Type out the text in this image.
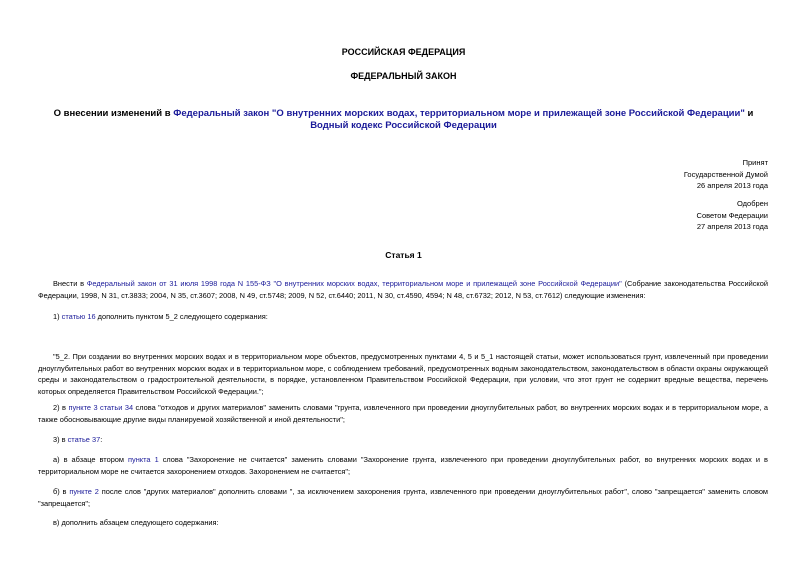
РОССИЙСКАЯ ФЕДЕРАЦИЯ
ФЕДЕРАЛЬНЫЙ ЗАКОН
О внесении изменений в Федеральный закон "О внутренних морских водах, территориальном море и прилежащей зоне Российской Федерации" и Водный кодекс Российской Федерации
Принят
Государственной Думой
26 апреля 2013 года
Одобрен
Советом Федерации
27 апреля 2013 года
Статья 1
Внести в Федеральный закон от 31 июля 1998 года N 155-ФЗ "О внутренних морских водах, территориальном море и прилежащей зоне Российской Федерации" (Собрание законодательства Российской Федерации, 1998, N 31, ст.3833; 2004, N 35, ст.3607; 2008, N 49, ст.5748; 2009, N 52, ст.6440; 2011, N 30, ст.4590, 4594; N 48, ст.6732; 2012, N 53, ст.7612) следующие изменения:
1) статью 16 дополнить пунктом 5_2 следующего содержания:
"5_2. При создании во внутренних морских водах и в территориальном море объектов, предусмотренных пунктами 4, 5 и 5_1 настоящей статьи, может использоваться грунт, извлеченный при проведении дноуглубительных работ во внутренних морских водах и в территориальном море, с соблюдением требований, предусмотренных водным законодательством, законодательством в области охраны окружающей среды и законодательством о градостроительной деятельности, в порядке, установленном Правительством Российской Федерации, при условии, что этот грунт не содержит вредные вещества, перечень которых определяется Правительством Российской Федерации.";
2) в пункте 3 статьи 34 слова "отходов и других материалов" заменить словами "грунта, извлеченного при проведении дноуглубительных работ, во внутренних морских водах и в территориальном море, а также обосновывающие другие виды планируемой хозяйственной и иной деятельности";
3) в статье 37:
а) в абзаце втором пункта 1 слова "Захоронение не считается" заменить словами "Захоронение грунта, извлеченного при проведении дноуглубительных работ, во внутренних морских водах и в территориальном море не считается захоронением отходов. Захоронением не считается";
б) в пункте 2 после слов "других материалов" дополнить словами ", за исключением захоронения грунта, извлеченного при проведении дноуглубительных работ", слово "запрещается" заменить словом "запрещается";
в) дополнить абзацем следующего содержания:
